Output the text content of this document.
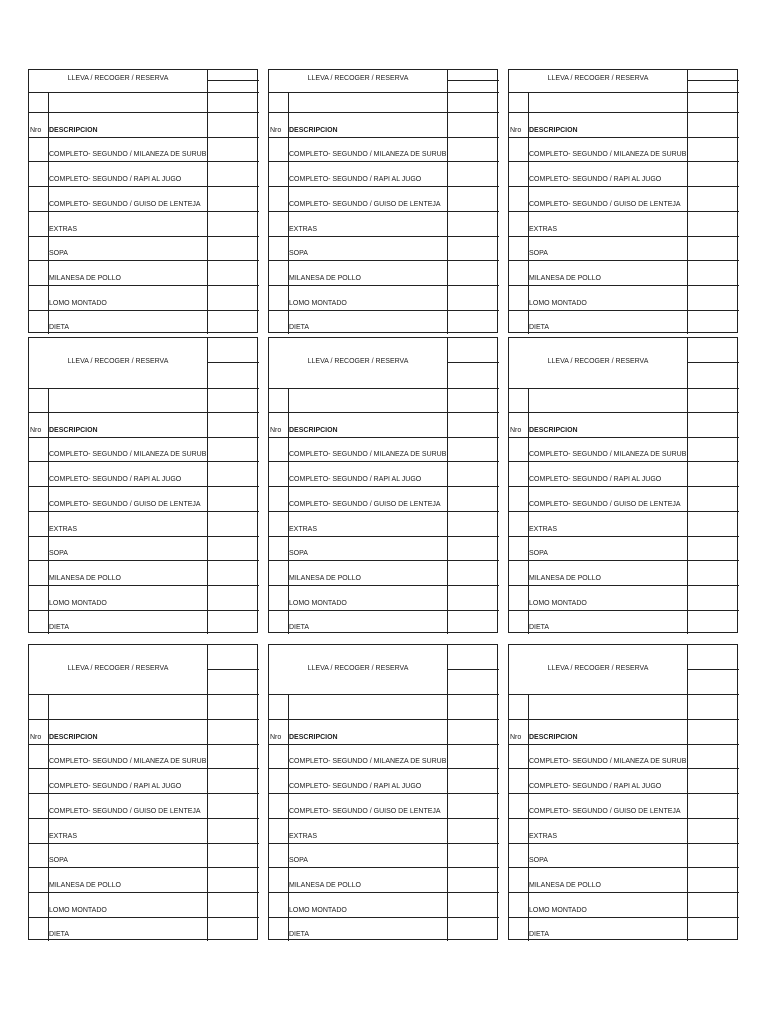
LLEVA / RECOGER / RESERVA
Nro DESCRIPCION
COMPLETO- SEGUNDO / MILANEZA DE SURUBI
COMPLETO- SEGUNDO / RAPI AL JUGO
COMPLETO- SEGUNDO / GUISO DE LENTEJA
EXTRAS
SOPA
MILANESA DE POLLO
LOMO MONTADO
DIETA
LLEVA / RECOGER / RESERVA
Nro DESCRIPCION
COMPLETO- SEGUNDO / MILANEZA DE SURUBI
COMPLETO- SEGUNDO / RAPI AL JUGO
COMPLETO- SEGUNDO / GUISO DE LENTEJA
EXTRAS
SOPA
MILANESA DE POLLO
LOMO MONTADO
DIETA
LLEVA / RECOGER / RESERVA
Nro DESCRIPCION
COMPLETO- SEGUNDO / MILANEZA DE SURUBI
COMPLETO- SEGUNDO / RAPI AL JUGO
COMPLETO- SEGUNDO / GUISO DE LENTEJA
EXTRAS
SOPA
MILANESA DE POLLO
LOMO MONTADO
DIETA
LLEVA / RECOGER / RESERVA
Nro DESCRIPCION
COMPLETO- SEGUNDO / MILANEZA DE SURUBI
COMPLETO- SEGUNDO / RAPI AL JUGO
COMPLETO- SEGUNDO / GUISO DE LENTEJA
EXTRAS
SOPA
MILANESA DE POLLO
LOMO MONTADO
DIETA
LLEVA / RECOGER / RESERVA
Nro DESCRIPCION
COMPLETO- SEGUNDO / MILANEZA DE SURUBI
COMPLETO- SEGUNDO / RAPI AL JUGO
COMPLETO- SEGUNDO / GUISO DE LENTEJA
EXTRAS
SOPA
MILANESA DE POLLO
LOMO MONTADO
DIETA
LLEVA / RECOGER / RESERVA
Nro DESCRIPCION
COMPLETO- SEGUNDO / MILANEZA DE SURUBI
COMPLETO- SEGUNDO / RAPI AL JUGO
COMPLETO- SEGUNDO / GUISO DE LENTEJA
EXTRAS
SOPA
MILANESA DE POLLO
LOMO MONTADO
DIETA
LLEVA / RECOGER / RESERVA
Nro DESCRIPCION
COMPLETO- SEGUNDO / MILANEZA DE SURUBI
COMPLETO- SEGUNDO / RAPI AL JUGO
COMPLETO- SEGUNDO / GUISO DE LENTEJA
EXTRAS
SOPA
MILANESA DE POLLO
LOMO MONTADO
DIETA
LLEVA / RECOGER / RESERVA
Nro DESCRIPCION
COMPLETO- SEGUNDO / MILANEZA DE SURUBI
COMPLETO- SEGUNDO / RAPI AL JUGO
COMPLETO- SEGUNDO / GUISO DE LENTEJA
EXTRAS
SOPA
MILANESA DE POLLO
LOMO MONTADO
DIETA
LLEVA / RECOGER / RESERVA
Nro DESCRIPCION
COMPLETO- SEGUNDO / MILANEZA DE SURUBI
COMPLETO- SEGUNDO / RAPI AL JUGO
COMPLETO- SEGUNDO / GUISO DE LENTEJA
EXTRAS
SOPA
MILANESA DE POLLO
LOMO MONTADO
DIETA
